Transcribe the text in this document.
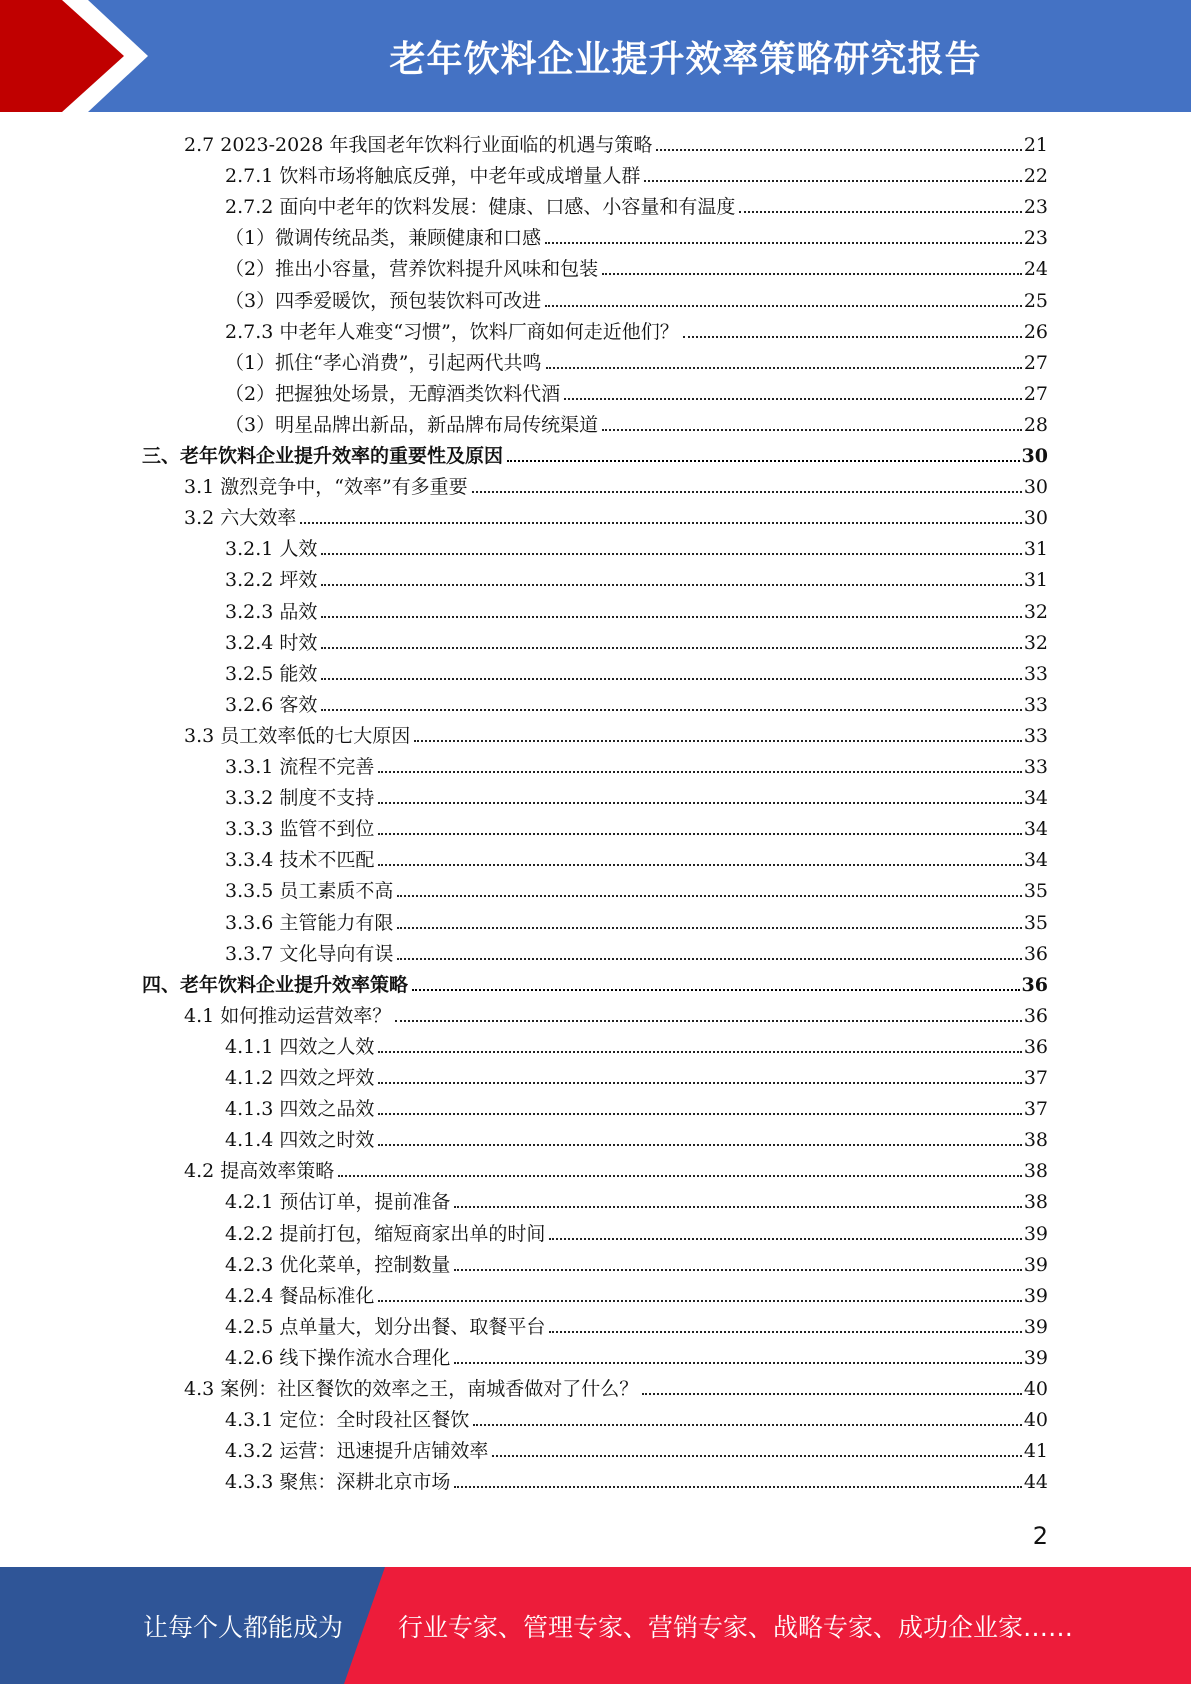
老年饮料企业提升效率策略研究报告
2.7 2023-2028 年我国老年饮料行业面临的机遇与策略	21
2.7.1 饮料市场将触底反弹，中老年或成增量人群	22
2.7.2 面向中老年的饮料发展：健康、口感、小容量和有温度	23
（1）微调传统品类，兼顾健康和口感	23
（2）推出小容量，营养饮料提升风味和包装	24
（3）四季爱暖饮，预包装饮料可改进	25
2.7.3 中老年人难变“习惯”，饮料厂商如何走近他们？	26
（1）抓住“孝心消费”，引起两代共鸣	27
（2）把握独处场景，无醇酒类饮料代酒	27
（3）明星品牌出新品，新品牌布局传统渠道	28
三、老年饮料企业提升效率的重要性及原因	30
3.1 激烈竞争中，“效率”有多重要	30
3.2 六大效率	30
3.2.1 人效	31
3.2.2 坪效	31
3.2.3 品效	32
3.2.4 时效	32
3.2.5 能效	33
3.2.6 客效	33
3.3 员工效率低的七大原因	33
3.3.1 流程不完善	33
3.3.2 制度不支持	34
3.3.3 监管不到位	34
3.3.4 技术不匹配	34
3.3.5 员工素质不高	35
3.3.6 主管能力有限	35
3.3.7 文化导向有误	36
四、老年饮料企业提升效率策略	36
4.1 如何推动运营效率？	36
4.1.1 四效之人效	36
4.1.2 四效之坪效	37
4.1.3 四效之品效	37
4.1.4 四效之时效	38
4.2 提高效率策略	38
4.2.1 预估订单，提前准备	38
4.2.2 提前打包，缩短商家出单的时间	39
4.2.3 优化菜单，控制数量	39
4.2.4 餐品标准化	39
4.2.5 点单量大，划分出餐、取餐平台	39
4.2.6 线下操作流水合理化	39
4.3 案例：社区餐饮的效率之王，南城香做对了什么？	40
4.3.1 定位：全时段社区餐饮	40
4.3.2 运营：迅速提升店铺效率	41
4.3.3 聚焦：深耕北京市场	44
2
让每个人都能成为 行业专家、管理专家、营销专家、战略专家、成功企业家……
